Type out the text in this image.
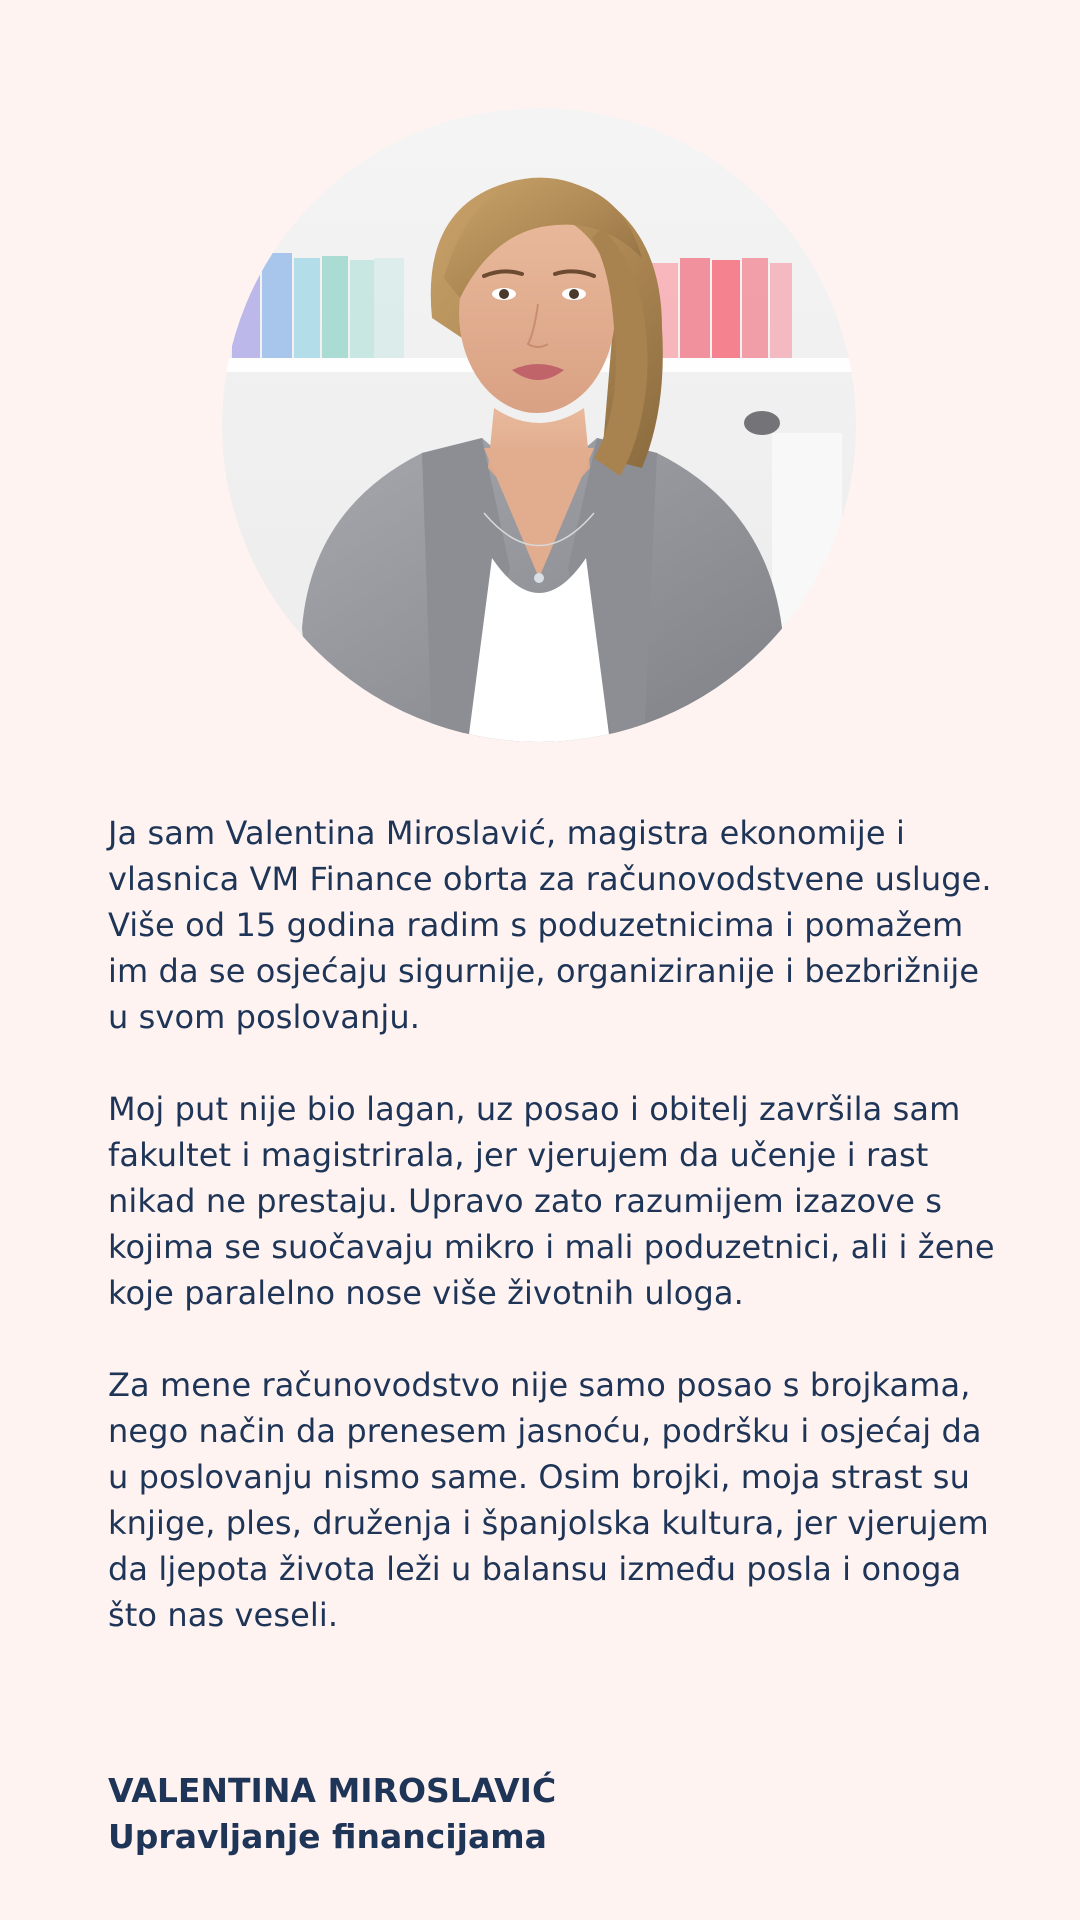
Ja sam Valentina Miroslavić, magistra ekonomije i vlasnica VM Finance obrta za računovodstvene usluge. Više od 15 godina radim s poduzetnicima i pomažem im da se osjećaju sigurnije, organiziranije i bezbrižnije u svom poslovanju.

Moj put nije bio lagan, uz posao i obitelj završila sam fakultet i magistrirala, jer vjerujem da učenje i rast nikad ne prestaju. Upravo zato razumijem izazove s kojima se suočavaju mikro i mali poduzetnici, ali i žene koje paralelno nose više životnih uloga.

Za mene računovodstvo nije samo posao s brojkama, nego način da prenesem jasnoću, podršku i osjećaj da u poslovanju nismo same. Osim brojki, moja strast su knjige, ples, druženja i španjolska kultura, jer vjerujem da ljepota života leži u balansu između posla i onoga što nas veseli.

VALENTINA MIROSLAVIĆ
Upravljanje financijama
